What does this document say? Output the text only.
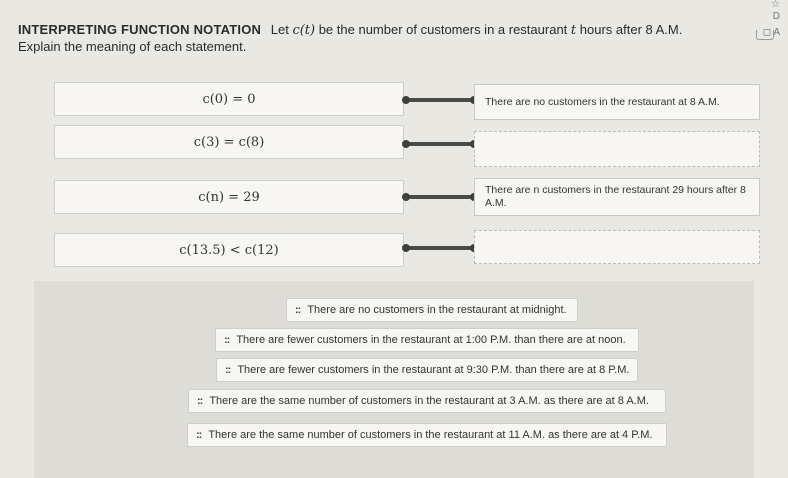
☆
D
◻ A
INTERPRETING FUNCTION NOTATION Let c(t) be the number of customers in a restaurant t hours after 8 A.M. Explain the meaning of each statement.
c(0) = 0	There are no customers in the restaurant at 8 A.M.
c(3) = c(8)
c(n) = 29	There are n customers in the restaurant 29 hours after 8 A.M.
c(13.5) < c(12)
:: There are no customers in the restaurant at midnight.
:: There are fewer customers in the restaurant at 1:00 P.M. than there are at noon.
:: There are fewer customers in the restaurant at 9:30 P.M. than there are at 8 P.M.
:: There are the same number of customers in the restaurant at 3 A.M. as there are at 8 A.M.
:: There are the same number of customers in the restaurant at 11 A.M. as there are at 4 P.M.
